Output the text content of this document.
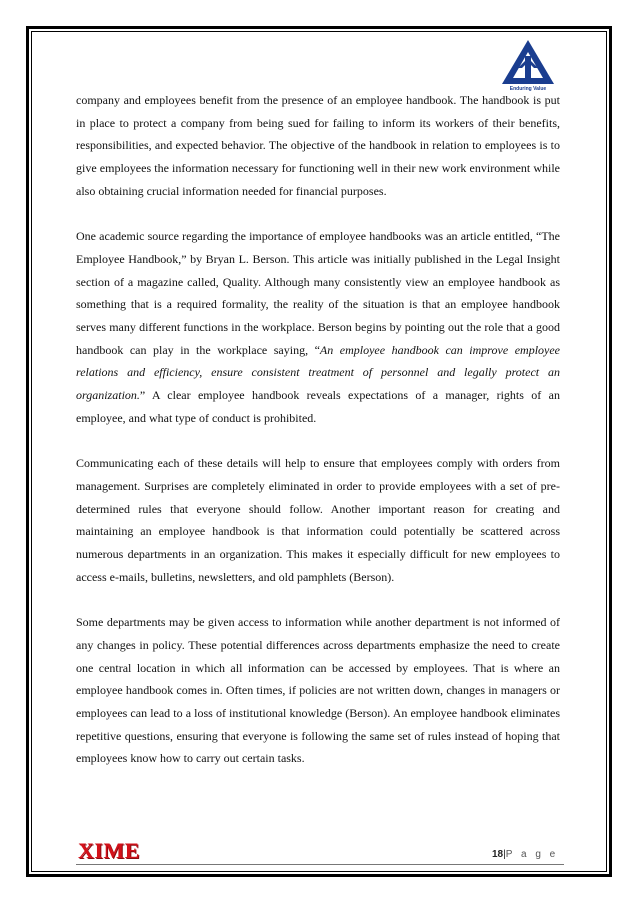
Enduring Value

company and employees benefit from the presence of an employee handbook. The handbook is put in place to protect a company from being sued for failing to inform its workers of their benefits, responsibilities, and expected behavior. The objective of the handbook in relation to employees is to give employees the information necessary for functioning well in their new work environment while also obtaining crucial information needed for financial purposes.

One academic source regarding the importance of employee handbooks was an article entitled, “The Employee Handbook,” by Bryan L. Berson. This article was initially published in the Legal Insight section of a magazine called, Quality. Although many consistently view an employee handbook as something that is a required formality, the reality of the situation is that an employee handbook serves many different functions in the workplace. Berson begins by pointing out the role that a good handbook can play in the workplace saying, “An employee handbook can improve employee relations and efficiency, ensure consistent treatment of personnel and legally protect an organization.” A clear employee handbook reveals expectations of a manager, rights of an employee, and what type of conduct is prohibited.

Communicating each of these details will help to ensure that employees comply with orders from management. Surprises are completely eliminated in order to provide employees with a set of pre-determined rules that everyone should follow. Another important reason for creating and maintaining an employee handbook is that information could potentially be scattered across numerous departments in an organization. This makes it especially difficult for new employees to access e-mails, bulletins, newsletters, and old pamphlets (Berson).

Some departments may be given access to information while another department is not informed of any changes in policy. These potential differences across departments emphasize the need to create one central location in which all information can be accessed by employees. That is where an employee handbook comes in. Often times, if policies are not written down, changes in managers or employees can lead to a loss of institutional knowledge (Berson). An employee handbook eliminates repetitive questions, ensuring that everyone is following the same set of rules instead of hoping that employees know how to carry out certain tasks.

XIME	18|P a g e
